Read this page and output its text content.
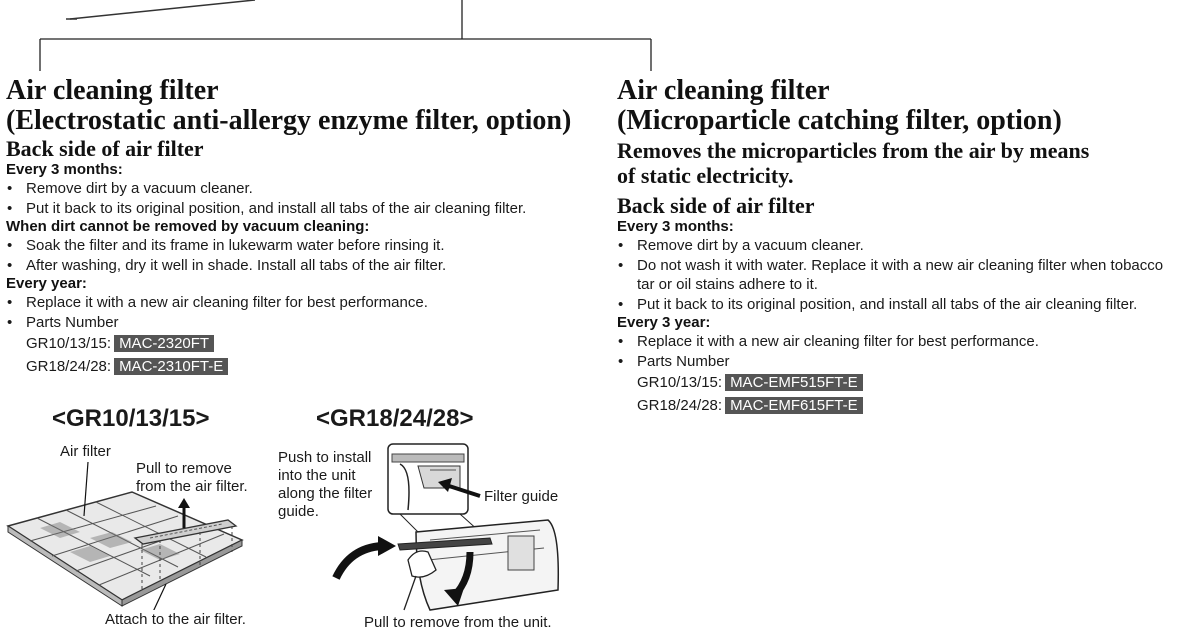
Air cleaning filter
(Electrostatic anti-allergy enzyme filter, option)
Back side of air filter
Every 3 months:
• Remove dirt by a vacuum cleaner.
• Put it back to its original position, and install all tabs of the air cleaning filter.
When dirt cannot be removed by vacuum cleaning:
• Soak the filter and its frame in lukewarm water before rinsing it.
• After washing, dry it well in shade. Install all tabs of the air filter.
Every year:
• Replace it with a new air cleaning filter for best performance.
• Parts Number
GR10/13/15: MAC-2320FT
GR18/24/28: MAC-2310FT-E
Air cleaning filter
(Microparticle catching filter, option)
Removes the microparticles from the air by means
of static electricity.
Back side of air filter
Every 3 months:
• Remove dirt by a vacuum cleaner.
• Do not wash it with water. Replace it with a new air cleaning filter when tobacco tar or oil stains adhere to it.
• Put it back to its original position, and install all tabs of the air cleaning filter.
Every 3 year:
• Replace it with a new air cleaning filter for best performance.
• Parts Number
GR10/13/15: MAC-EMF515FT-E
GR18/24/28: MAC-EMF615FT-E
<GR10/13/15>
Air filter
Pull to remove
from the air filter.
Attach to the air filter.
<GR18/24/28>
Push to install
into the unit
along the filter
guide.
Filter guide
Pull to remove from the unit.
